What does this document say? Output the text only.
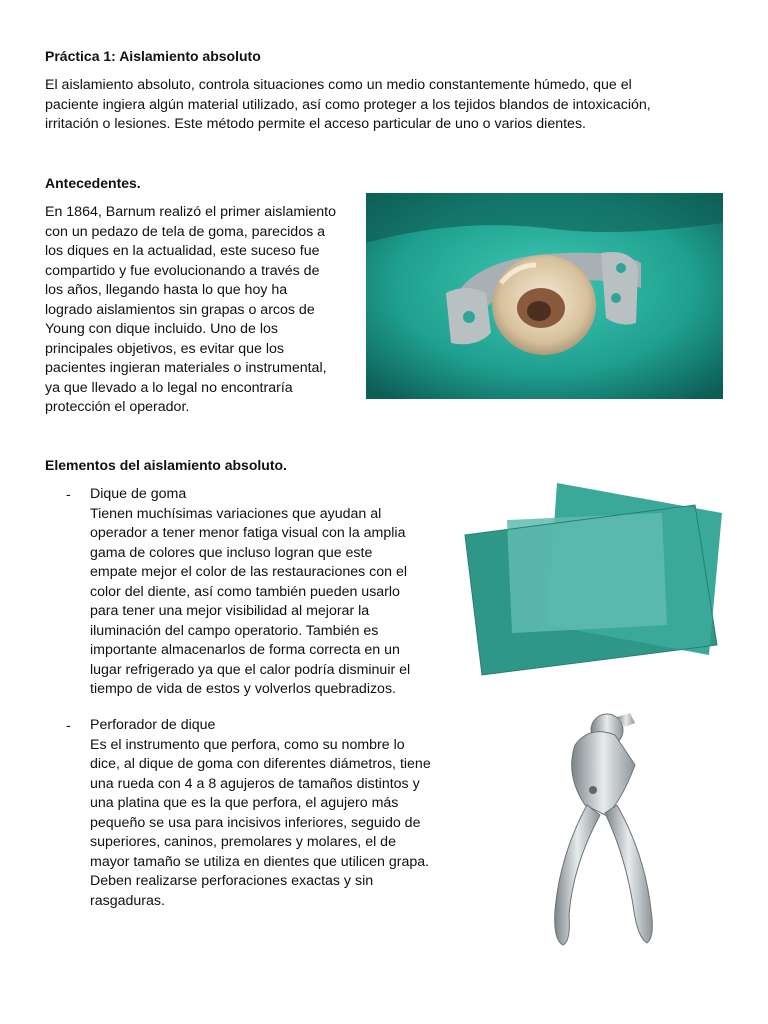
Práctica 1: Aislamiento absoluto
El aislamiento absoluto, controla situaciones como un medio constantemente húmedo, que el
paciente ingiera algún material utilizado, así como proteger a los tejidos blandos de intoxicación,
irritación o lesiones. Este método permite el acceso particular de uno o varios dientes.
Antecedentes.
En 1864, Barnum realizó el primer aislamiento
con un pedazo de tela de goma, parecidos a
los diques en la actualidad, este suceso fue
compartido y fue evolucionando a través de
los años, llegando hasta lo que hoy ha
logrado aislamientos sin grapas o arcos de
Young con dique incluido. Uno de los
principales objetivos, es evitar que los
pacientes ingieran materiales o instrumental,
ya que llevado a lo legal no encontraría
protección el operador.
Elementos del aislamiento absoluto.
- Dique de goma
Tienen muchísimas variaciones que ayudan al
operador a tener menor fatiga visual con la amplia
gama de colores que incluso logran que este
empate mejor el color de las restauraciones con el
color del diente, así como también pueden usarlo
para tener una mejor visibilidad al mejorar la
iluminación del campo operatorio. También es
importante almacenarlos de forma correcta en un
lugar refrigerado ya que el calor podría disminuir el
tiempo de vida de estos y volverlos quebradizos.
- Perforador de dique
Es el instrumento que perfora, como su nombre lo
dice, al dique de goma con diferentes diámetros, tiene
una rueda con 4 a 8 agujeros de tamaños distintos y
una platina que es la que perfora, el agujero más
pequeño se usa para incisivos inferiores, seguido de
superiores, caninos, premolares y molares, el de
mayor tamaño se utiliza en dientes que utilicen grapa.
Deben realizarse perforaciones exactas y sin
rasgaduras.
